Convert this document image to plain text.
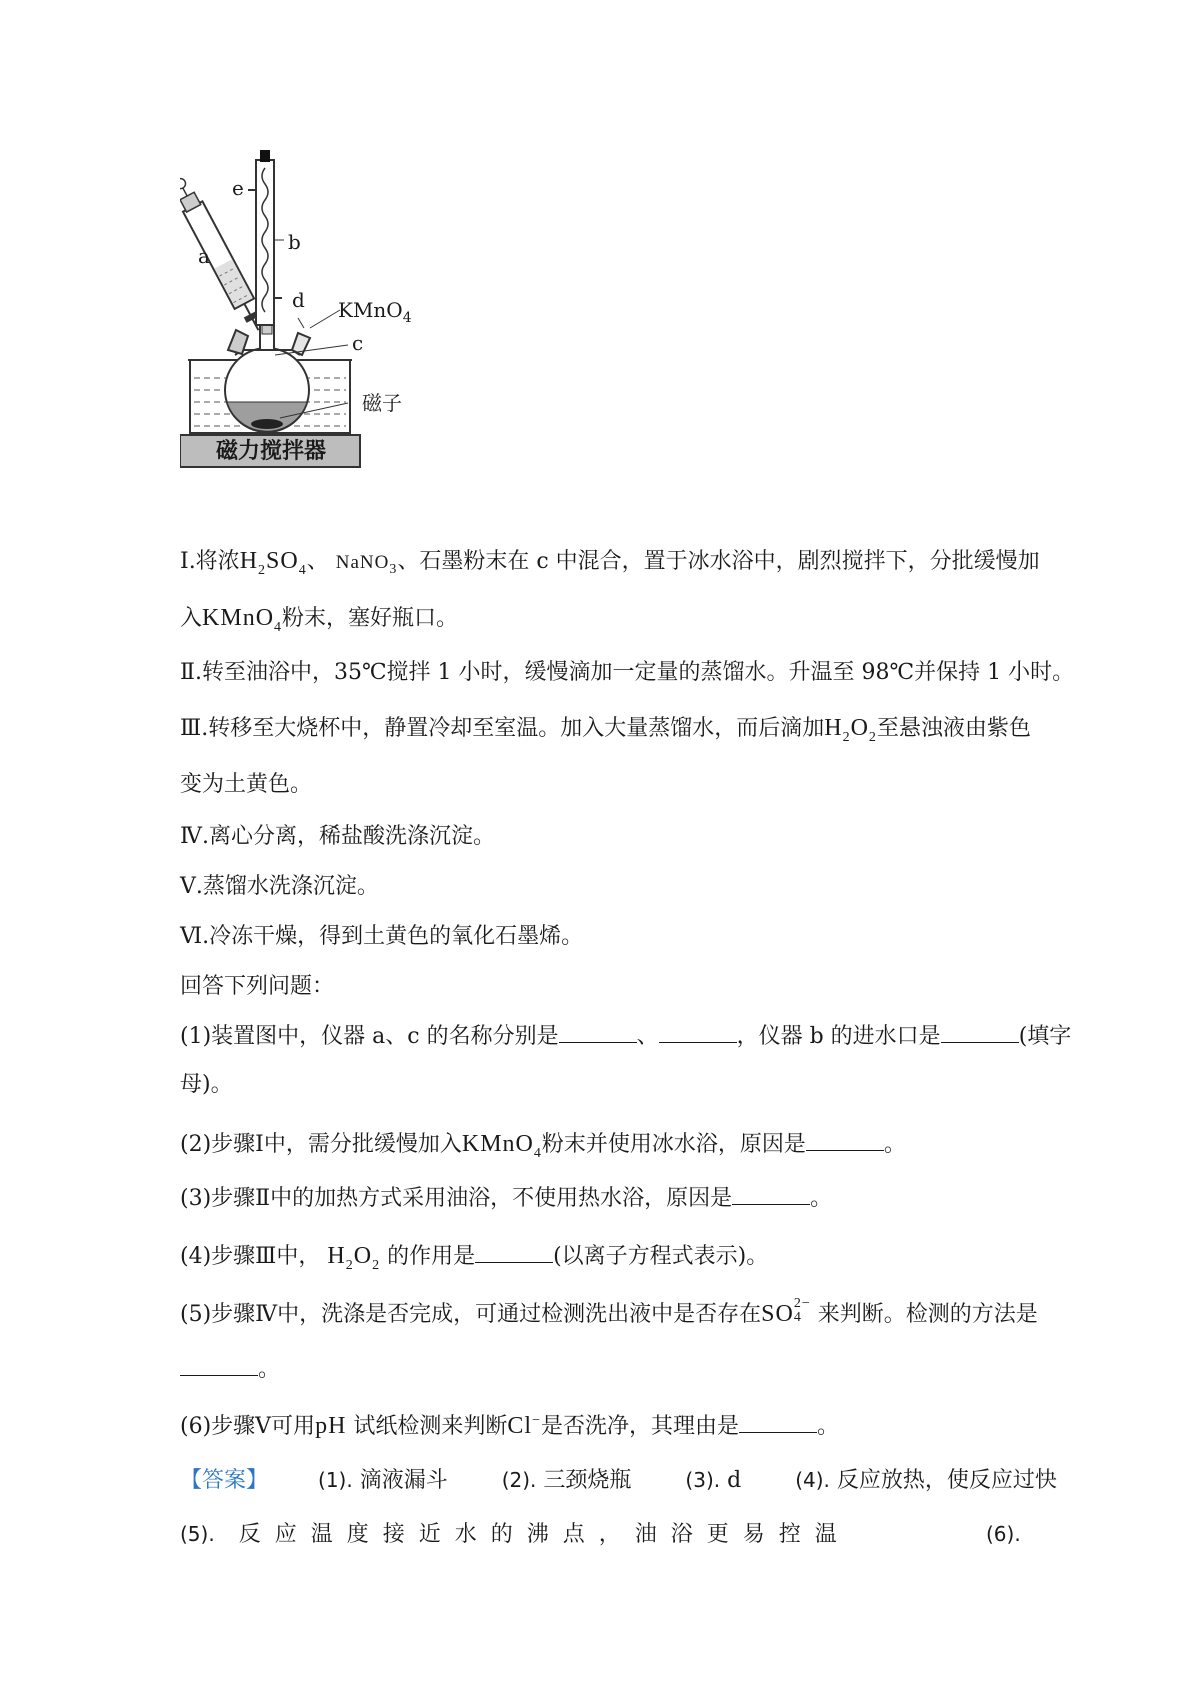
e
b
a
d KMnO$_4$
c
磁子
磁力搅拌器
Ⅰ.将浓$H_2SO_4$、 NaNO$_3$、石墨粉末在 c 中混合，置于冰水浴中，剧烈搅拌下，分批缓慢加
入KMnO$_4$粉末，塞好瓶口。
Ⅱ.转至油浴中，35℃搅拌 1 小时，缓慢滴加一定量的蒸馏水。升温至 98℃并保持 1 小时。
Ⅲ.转移至大烧杯中，静置冷却至室温。加入大量蒸馏水，而后滴加$H_2O_2$至悬浊液由紫色
变为土黄色。
Ⅳ.离心分离，稀盐酸洗涤沉淀。
Ⅴ.蒸馏水洗涤沉淀。
Ⅵ.冷冻干燥，得到土黄色的氧化石墨烯。
回答下列问题：
(1)装置图中，仪器 a、c 的名称分别是	、	，仪器 b 的进水口是	(填字
母)。
(2)步骤Ⅰ中，需分批缓慢加入KMnO$_4$粉末并使用冰水浴，原因是	。
(3)步骤Ⅱ中的加热方式采用油浴，不使用热水浴，原因是	。
(4)步骤Ⅲ中， $H_2O_2$ 的作用是	(以离子方程式表示)。
(5)步骤Ⅳ中，洗涤是否完成，可通过检测洗出液中是否存在SO 2−
4 来判断。检测的方法是
。
(6)步骤Ⅴ可用pH 试纸检测来判断Cl−是否洗净，其理由是	。
【答案】	(1). 滴液漏斗	(2). 三颈烧瓶	(3). d	(4). 反应放热，使反应过快
(5). 反应温度接近水的沸点，油浴更易控温	(6).
